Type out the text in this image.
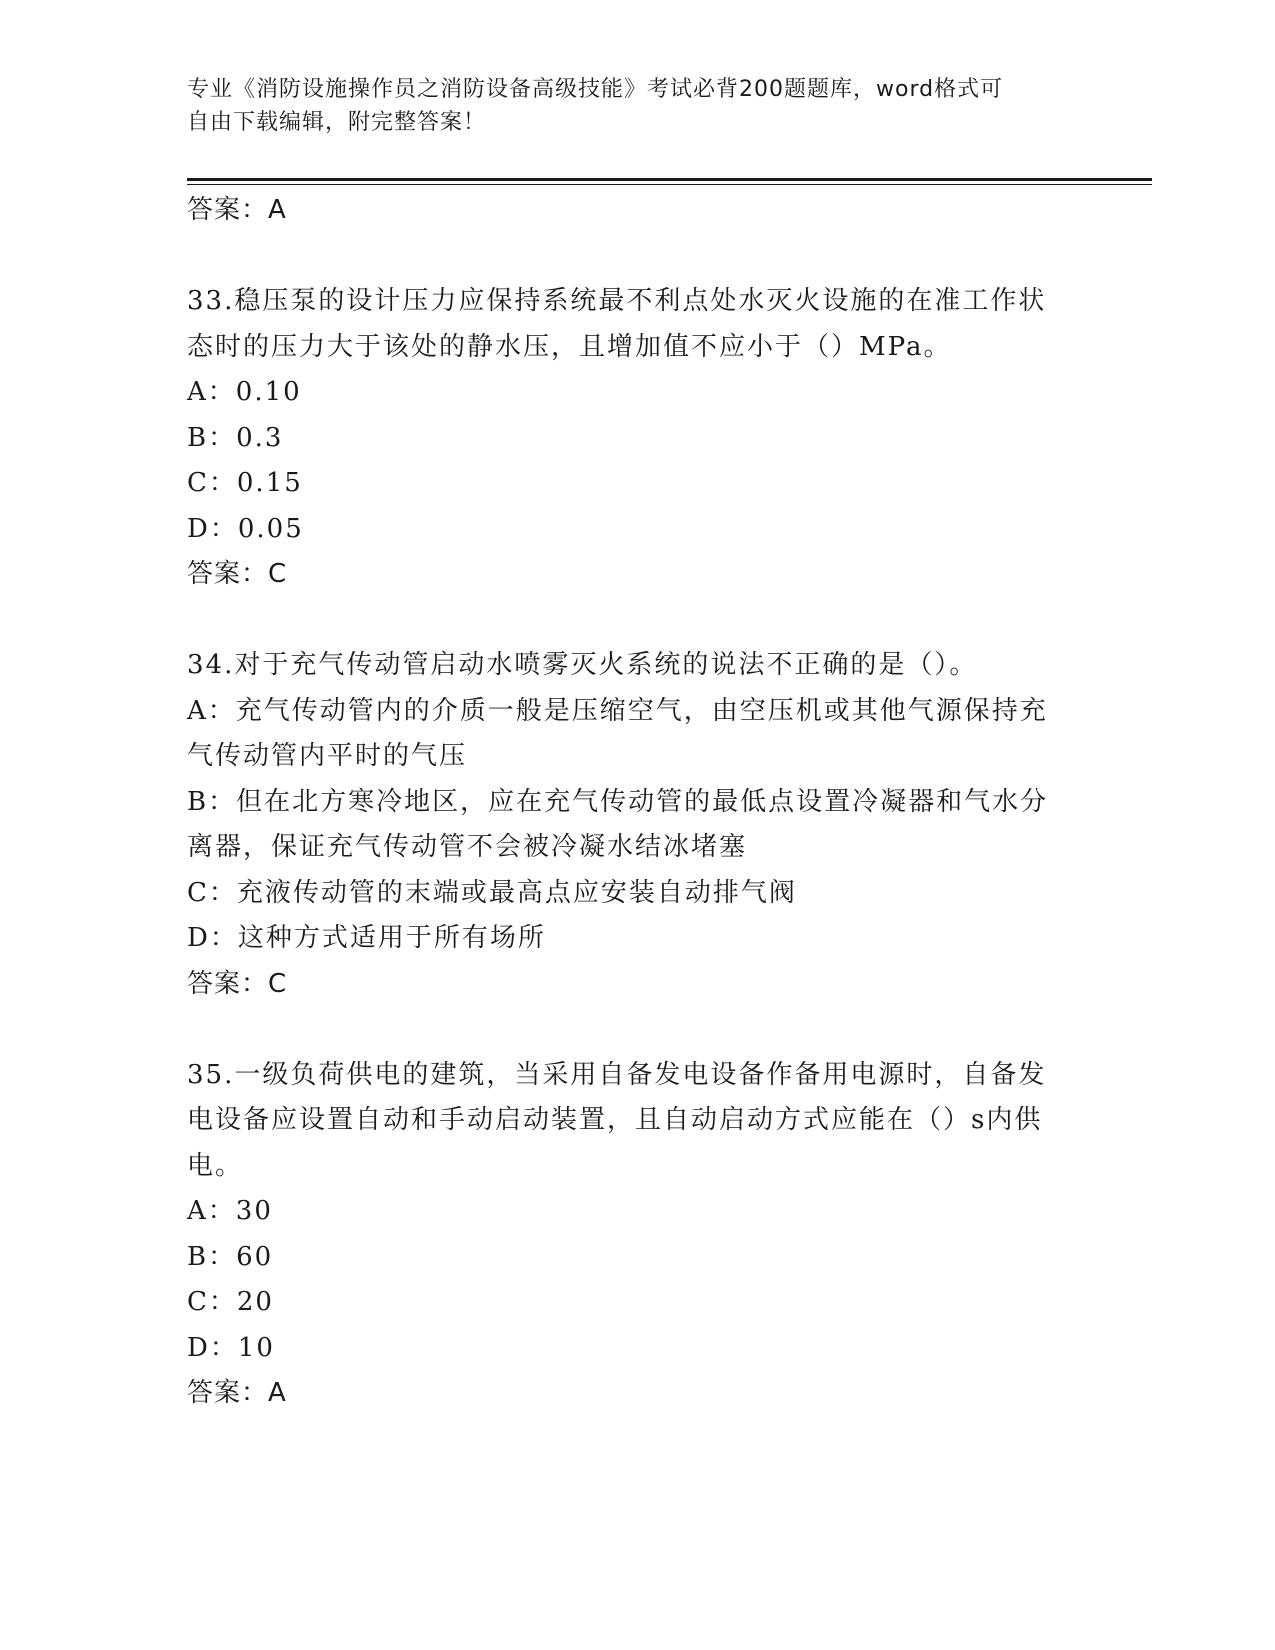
专业《消防设施操作员之消防设备高级技能》考试必背200题题库，word格式可
自由下载编辑，附完整答案！
答案：A
33.稳压泵的设计压力应保持系统最不利点处水灭火设施的在准工作状
态时的压力大于该处的静水压，且增加值不应小于（）MPa。
A：0.10
B：0.3
C：0.15
D：0.05
答案：C
34.对于充气传动管启动水喷雾灭火系统的说法不正确的是（）。
A：充气传动管内的介质一般是压缩空气，由空压机或其他气源保持充
气传动管内平时的气压
B：但在北方寒冷地区，应在充气传动管的最低点设置冷凝器和气水分
离器，保证充气传动管不会被冷凝水结冰堵塞
C：充液传动管的末端或最高点应安装自动排气阀
D：这种方式适用于所有场所
答案：C
35.一级负荷供电的建筑，当采用自备发电设备作备用电源时，自备发
电设备应设置自动和手动启动装置，且自动启动方式应能在（）s内供
电。
A：30
B：60
C：20
D：10
答案：A
